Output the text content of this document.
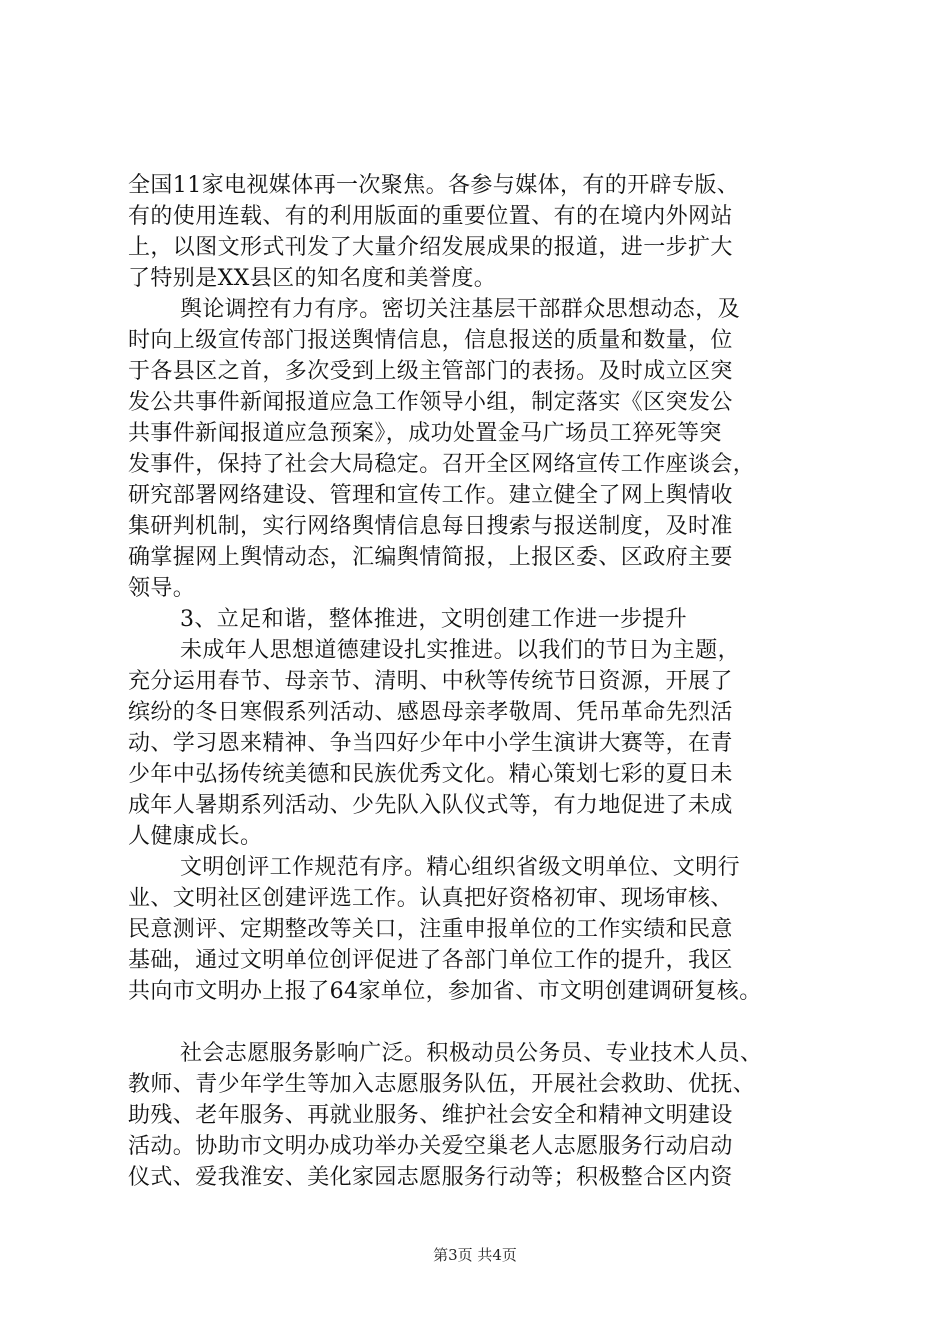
全国11家电视媒体再一次聚焦。各参与媒体，有的开辟专版、
有的使用连载、有的利用版面的重要位置、有的在境内外网站
上，以图文形式刊发了大量介绍发展成果的报道，进一步扩大
了特别是XX县区的知名度和美誉度。
舆论调控有力有序。密切关注基层干部群众思想动态，及
时向上级宣传部门报送舆情信息，信息报送的质量和数量，位
于各县区之首，多次受到上级主管部门的表扬。及时成立区突
发公共事件新闻报道应急工作领导小组，制定落实《区突发公
共事件新闻报道应急预案》，成功处置金马广场员工猝死等突
发事件，保持了社会大局稳定。召开全区网络宣传工作座谈会，
研究部署网络建设、管理和宣传工作。建立健全了网上舆情收
集研判机制，实行网络舆情信息每日搜索与报送制度，及时准
确掌握网上舆情动态，汇编舆情简报，上报区委、区政府主要
领导。
3、立足和谐，整体推进，文明创建工作进一步提升
未成年人思想道德建设扎实推进。以我们的节日为主题，
充分运用春节、母亲节、清明、中秋等传统节日资源，开展了
缤纷的冬日寒假系列活动、感恩母亲孝敬周、凭吊革命先烈活
动、学习恩来精神、争当四好少年中小学生演讲大赛等，在青
少年中弘扬传统美德和民族优秀文化。精心策划七彩的夏日未
成年人暑期系列活动、少先队入队仪式等，有力地促进了未成
人健康成长。
文明创评工作规范有序。精心组织省级文明单位、文明行
业、文明社区创建评选工作。认真把好资格初审、现场审核、
民意测评、定期整改等关口，注重申报单位的工作实绩和民意
基础，通过文明单位创评促进了各部门单位工作的提升，我区
共向市文明办上报了64家单位，参加省、市文明创建调研复核。
社会志愿服务影响广泛。积极动员公务员、专业技术人员、
教师、青少年学生等加入志愿服务队伍，开展社会救助、优抚、
助残、老年服务、再就业服务、维护社会安全和精神文明建设
活动。协助市文明办成功举办关爱空巢老人志愿服务行动启动
仪式、爱我淮安、美化家园志愿服务行动等；积极整合区内资
第3页 共4页
